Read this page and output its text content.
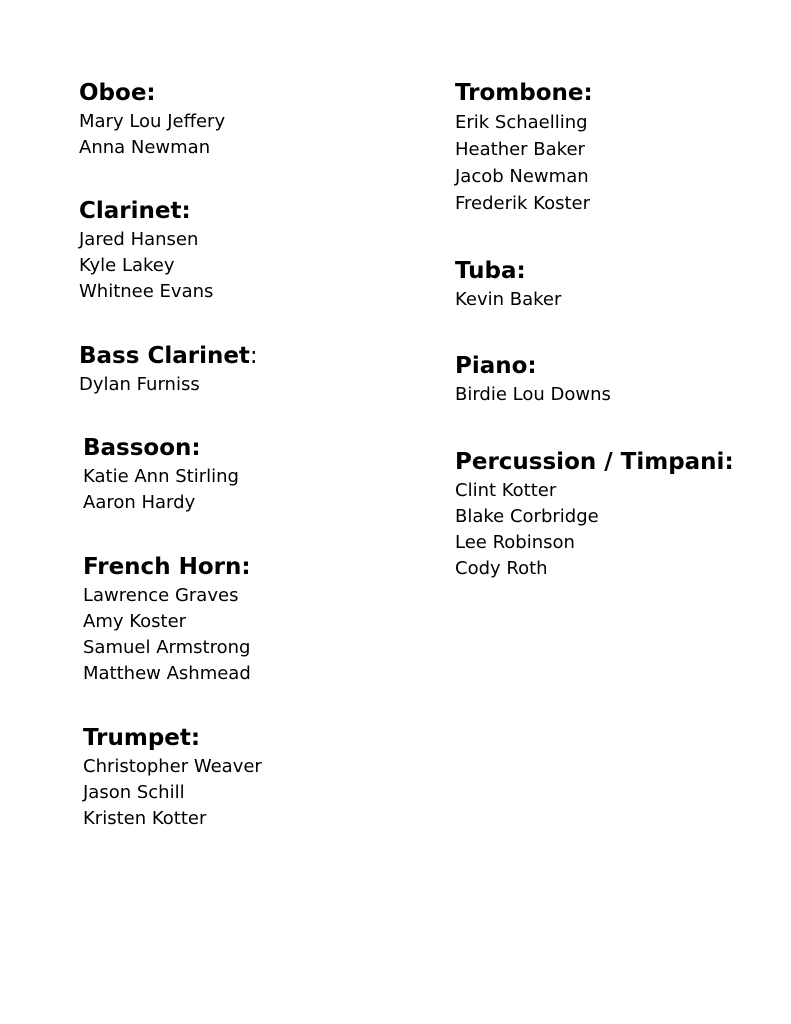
Oboe:
Mary Lou Jeffery
Anna Newman
Clarinet:
Jared Hansen
Kyle Lakey
Whitnee Evans
Bass Clarinet:
Dylan Furniss
Bassoon:
Katie Ann Stirling
Aaron Hardy
French Horn:
Lawrence Graves
Amy Koster
Samuel Armstrong
Matthew Ashmead
Trumpet:
Christopher Weaver
Jason Schill
Kristen Kotter
Trombone:
Erik Schaelling
Heather Baker
Jacob Newman
Frederik Koster
Tuba:
Kevin Baker
Piano:
Birdie Lou Downs
Percussion / Timpani:
Clint Kotter
Blake Corbridge
Lee Robinson
Cody Roth
